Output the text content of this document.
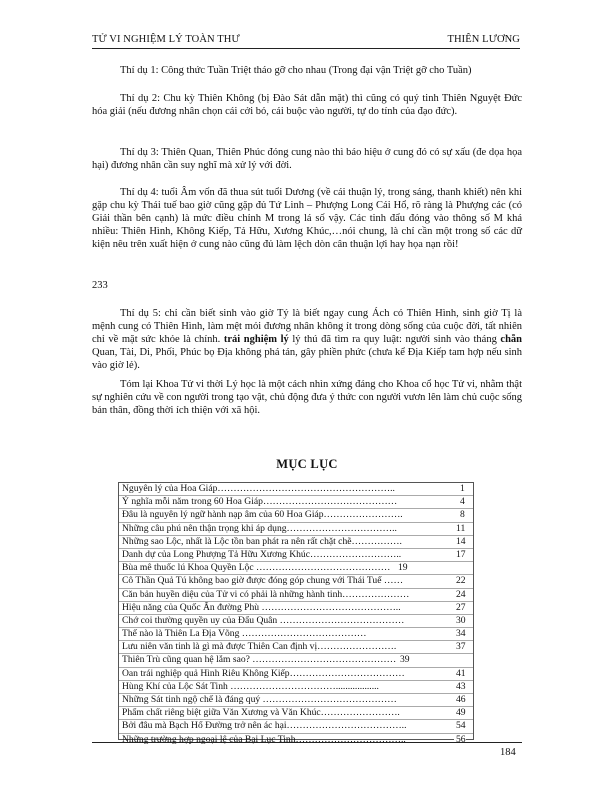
TỬ VI NGHIỆM LÝ TOÀN THƯ	THIÊN LƯƠNG

Thí dụ 1: Công thức Tuần Triệt tháo gỡ cho nhau (Trong đại vận Triệt gỡ cho Tuần)

Thí dụ 2: Chu kỳ Thiên Không (bị Đào Sát dẫn mặt) thì cũng có quý tinh Thiên Nguyệt Đức hóa giải (nếu đương nhân chọn cái cởi bỏ, cái buộc vào người, tự do tính của đạo đức).

Thí dụ 3: Thiên Quan, Thiên Phúc đóng cung nào thì báo hiệu ở cung đó có sự xấu (đe dọa họa hại) đương nhân cần suy nghĩ mà xử lý với đời.

Thí dụ 4: tuổi Âm vốn đã thua sút tuổi Dương (về cái thuận lý, trong sáng, thanh khiết) nên khi gặp chu kỳ Thái tuế bao giờ cũng gặp đủ Tứ Linh – Phượng Long Cái Hổ, rõ ràng là Phượng các (có Giải thần bên cạnh) là mức điều chỉnh M trong lá số vậy. Các tinh đẩu đóng vào thông số M khá nhiều: Thiên Hình, Không Kiếp, Tả Hữu, Xương Khúc,…nói chung, là chỉ cần một trong số các dữ kiện nêu trên xuất hiện ở cung nào cũng đủ làm lệch dòn cân thuận lợi hay họa nạn rồi!

233

Thí dụ 5: chỉ cần biết sinh vào giờ Tý là biết ngay cung Ách có Thiên Hình, sinh giờ Tị là mệnh cung có Thiên Hình, làm mệt mỏi đương nhân không ít trong dòng sống của cuộc đời, tất nhiên chỉ về mặt sức khỏe là chính. trải nghiệm lý lý thú đã tìm ra quy luật: người sinh vào tháng chẵn Quan, Tài, Di, Phối, Phúc bọ Địa không phá tán, gây phiền phức (chưa kể Địa Kiếp tam hợp nếu sinh vào giờ lẻ).

Tóm lại Khoa Tử vi thời Lý học là một cách nhìn xứng đáng cho Khoa cổ học Tử vi, nhằm thật sự nghiên cứu về con người trong tạo vật, chủ động đưa ý thức con người vươn lên làm chủ cuộc sống bản thân, đồng thời ích thiện với xã hội.

MỤC LỤC
Nguyên lý của Hoa Giáp………………………………………………..	1
Ý nghĩa mỗi năm trong 60 Hoa Giáp……………………………………	4
Đâu là nguyên lý ngữ hành nạp âm của 60 Hoa Giáp…………………….	8
Những câu phú nên thận trọng khi áp dụng……………………………..	11
Những sao Lộc, nhất là Lộc tồn ban phát ra nên rất chặt chẽ…………….	14
Danh dự của Long Phượng Tả Hữu Xương Khúc………………………..	17
Bùa mê thuốc lú Khoa Quyền Lộc …………………………………… 19
Cô Thần Quả Tú không bao giờ được đóng góp chung với Thái Tuế ……	22
Căn bản huyền diệu của Tử vi có phải là những hành tinh…………………	24
Hiệu năng của Quốc Ấn đường Phù ……………………………………..	27
Chớ coi thường quyền uy của Đẩu Quân …………………………………	30
Thế nào là Thiên La Địa Võng …………………………………	34
Lưu niên văn tinh là gì mà được Thiên Can định vị…………………….	37
Thiên Trù cũng quan hệ lắm sao? ……………………………………… 39
Oan trái nghiệp quả Hình Riêu Không Kiếp………………………………	41
Hùng Khí của Lộc Sát Tinh ……………………………..................	43
Những Sát tinh ngộ chế là đáng quý ……………………………………	46
Phẩm chất riêng biệt giữa Văn Xương và Văn Khúc…………………….	49
Bởi đâu mà Bạch Hổ Đường trở nên ác hại………………………………..	54
Những trường hợp ngoại lệ của Bại Lục Tinh……………………………..	56
184
